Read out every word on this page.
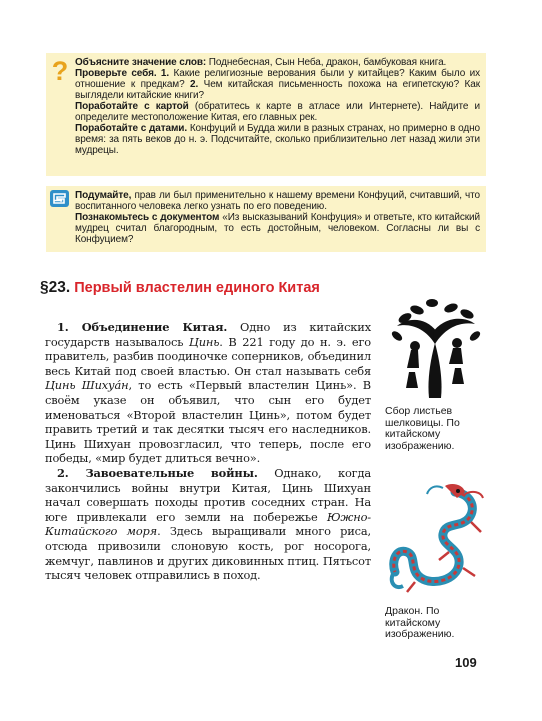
? Объясните значение слов: Поднебесная, Сын Неба, дракон, бамбуковая книга.

Проверьте себя. 1. Какие религиозные верования были у китайцев? Каким было их отношение к предкам? 2. Чем китайская письменность похожа на египетскую? Как выглядели китайские книги?

Поработайте с картой (обратитесь к карте в атласе или Интернете). Найдите и определите местоположение Китая, его главных рек.

Поработайте с датами. Конфуций и Будда жили в разных странах, но примерно в одно время: за пять веков до н. э. Подсчитайте, сколько приблизительно лет назад жили эти мудрецы.

Подумайте, прав ли был применительно к нашему времени Конфуций, считавший, что воспитанного человека легко узнать по его поведению.

Познакомьтесь с документом «Из высказываний Конфуция» и ответьте, кто китайский мудрец считал благородным, то есть достойным, человеком. Согласны ли вы с Конфуцием?

§23. Первый властелин единого Китая

1. Объединение Китая. Одно из китайских государств называлось Цинь. В 221 году до н. э. его правитель, разбив поодиночке соперников, объединил весь Китай под своей властью. Он стал называть себя Цинь Шихуа́н, то есть «Первый властелин Цинь». В своём указе он объявил, что сын его будет именоваться «Второй властелин Цинь», потом будет править третий и так десятки тысяч его наследников. Цинь Шихуан провозгласил, что теперь, после его победы, «мир будет длиться вечно».

2. Завоевательные войны. Однако, когда закончились войны внутри Китая, Цинь Шихуан начал совершать походы против соседних стран. На юге привлекали его земли на побережье Южно-Китайского моря. Здесь выращивали много риса, отсюда привозили слоновую кость, рог носорога, жемчуг, павлинов и других диковинных птиц. Пятьсот тысяч человек отправились в поход.

Сбор листьев шелковицы. По китайскому изображению.
Дракон. По китайскому изображению.
109
